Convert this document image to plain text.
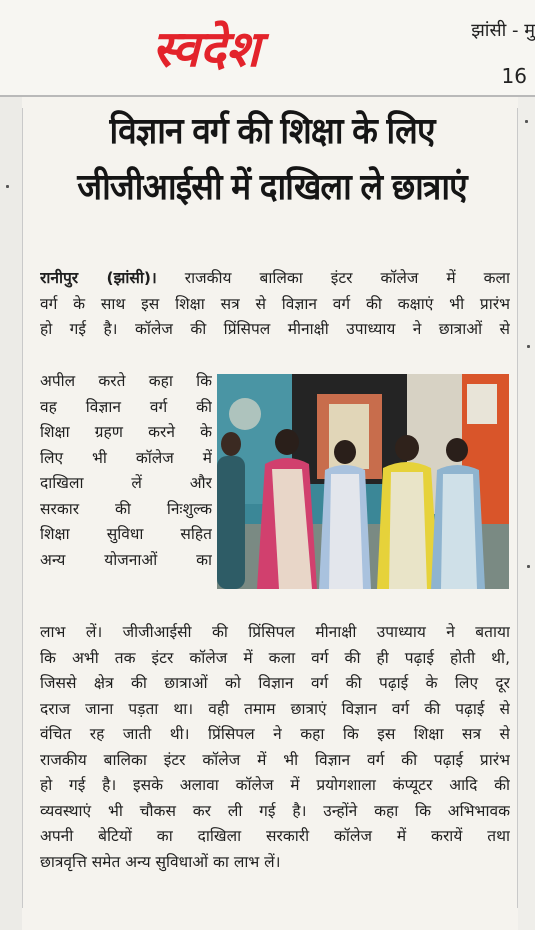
स्वदेश	झांसी - मु
16
विज्ञान वर्ग की शिक्षा के लिए
जीजीआईसी में दाखिला ले छात्राएं
रानीपुर (झांसी)। राजकीय बालिका इंटर कॉलेज में कला
वर्ग के साथ इस शिक्षा सत्र से विज्ञान वर्ग की कक्षाएं भी प्रारंभ
हो गई है। कॉलेज की प्रिंसिपल मीनाक्षी उपाध्याय ने छात्राओं से
अपील करते कहा कि
वह विज्ञान वर्ग की
शिक्षा ग्रहण करने के
लिए भी कॉलेज में
दाखिला लें और
सरकार की निःशुल्क
शिक्षा सुविधा सहित
अन्य योजनाओं का
लाभ लें। जीजीआईसी की प्रिंसिपल मीनाक्षी उपाध्याय ने बताया
कि अभी तक इंटर कॉलेज में कला वर्ग की ही पढ़ाई होती थी,
जिससे क्षेत्र की छात्राओं को विज्ञान वर्ग की पढ़ाई के लिए दूर
दराज जाना पड़ता था। वही तमाम छात्राएं विज्ञान वर्ग की पढ़ाई से
वंचित रह जाती थी। प्रिंसिपल ने कहा कि इस शिक्षा सत्र से
राजकीय बालिका इंटर कॉलेज में भी विज्ञान वर्ग की पढ़ाई प्रारंभ
हो गई है। इसके अलावा कॉलेज में प्रयोगशाला कंप्यूटर आदि की
व्यवस्थाएं भी चौकस कर ली गई है। उन्होंने कहा कि अभिभावक
अपनी बेटियों का दाखिला सरकारी कॉलेज में करायें तथा
छात्रवृत्ति समेत अन्य सुविधाओं का लाभ लें।
